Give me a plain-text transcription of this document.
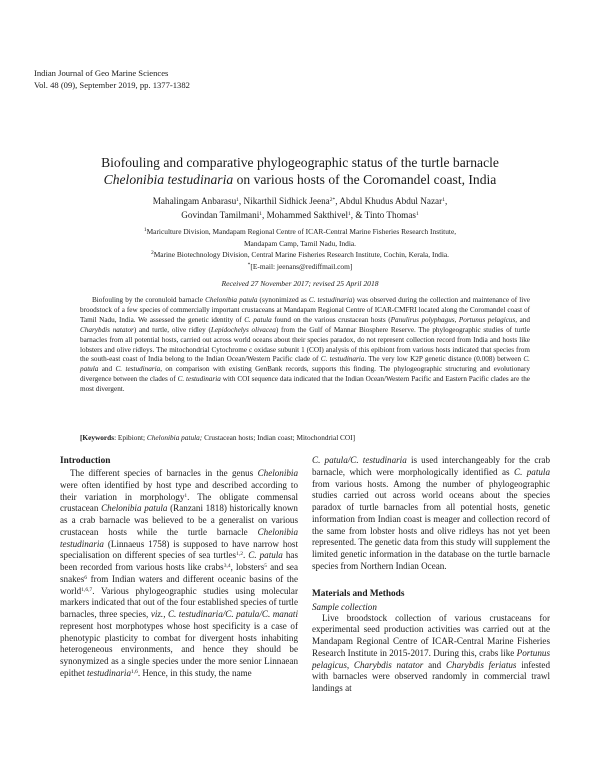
Indian Journal of Geo Marine Sciences
Vol. 48 (09), September 2019, pp. 1377-1382
Biofouling and comparative phylogeographic status of the turtle barnacle
Chelonibia testudinaria on various hosts of the Coromandel coast, India
Mahalingam Anbarasu$^1$, Nikarthil Sidhick Jeena$^{2*}$, Abdul Khudus Abdul Nazar$^1$,
Govindan Tamilmani$^1$, Mohammed Sakthivel$^1$, & Tinto Thomas$^1$
$^1$Mariculture Division, Mandapam Regional Centre of ICAR-Central Marine Fisheries Research Institute,
Mandapam Camp, Tamil Nadu, India.
$^2$Marine Biotechnology Division, Central Marine Fisheries Research Institute, Cochin, Kerala, India.
*[E-mail: jeenans@rediffmail.com]
Received 27 November 2017; revised 25 April 2018

Biofouling by the coronuloid barnacle Chelonibia patula (synonimized as C. testudinaria) was observed during the collection and maintenance of live broodstock of a few species of commercially important crustaceans at Mandapam Regional Centre of ICAR-CMFRI located along the Coromandel coast of Tamil Nadu, India. We assessed the genetic identity of C. patula found on the various crustacean hosts (Panulirus polyphagus, Portunus pelagicus, and Charybdis natator) and turtle, olive ridley (Lepidochelys olivacea) from the Gulf of Mannar Biosphere Reserve. The phylogeographic studies of turtle barnacles from all potential hosts, carried out across world oceans about their species paradox, do not represent collection record from India and hosts like lobsters and olive ridleys. The mitochondrial Cytochrome c oxidase subunit 1 (COI) analysis of this epibiont from various hosts indicated that species from the south-east coast of India belong to the Indian Ocean/Western Pacific clade of C. testudinaria. The very low K2P genetic distance (0.008) between C. patula and C. testudinaria, on comparison with existing GenBank records, supports this finding. The phylogeographic structuring and evolutionary divergence between the clades of C. testudinaria with COI sequence data indicated that the Indian Ocean/Western Pacific and Eastern Pacific clades are the most divergent.

[Keywords: Epibiont; Chelonibia patula; Crustacean hosts; Indian coast; Mitochondrial COI]
Introduction

The different species of barnacles in the genus Chelonibia were often identified by host type and described according to their variation in morphology$^1$. The obligate commensal crustacean Chelonibia patula (Ranzani 1818) historically known as a crab barnacle was believed to be a generalist on various crustacean hosts while the turtle barnacle Chelonibia testudinaria (Linnaeus 1758) is supposed to have narrow host specialisation on different species of sea turtles$^{1,2}$. C. patula has been recorded from various hosts like crabs$^{3,4}$, lobsters$^5$ and sea snakes$^6$ from Indian waters and different oceanic basins of the world$^{1,6,7}$. Various phylogeographic studies using molecular markers indicated that out of the four established species of turtle barnacles, three species, viz., C. testudinaria/C. patula/C. manati represent host morphotypes whose host specificity is a case of phenotypic plasticity to combat for divergent hosts inhabiting heterogeneous environments, and hence they should be synonymized as a single species under the more senior Linnaean epithet testudinaria$^{1,6}$. Hence, in this study, the name

C. patula/C. testudinaria is used interchangeably for the crab barnacle, which were morphologically identified as C. patula from various hosts. Among the number of phylogeographic studies carried out across world oceans about the species paradox of turtle barnacles from all potential hosts, genetic information from Indian coast is meager and collection record of the same from lobster hosts and olive ridleys has not yet been represented. The genetic data from this study will supplement the limited genetic information in the database on the turtle barnacle species from Northern Indian Ocean.

Materials and Methods
Sample collection

Live broodstock collection of various crustaceans for experimental seed production activities was carried out at the Mandapam Regional Centre of ICAR-Central Marine Fisheries Research Institute in 2015-2017. During this, crabs like Portunus pelagicus, Charybdis natator and Charybdis feriatus infested with barnacles were observed randomly in commercial trawl landings at
